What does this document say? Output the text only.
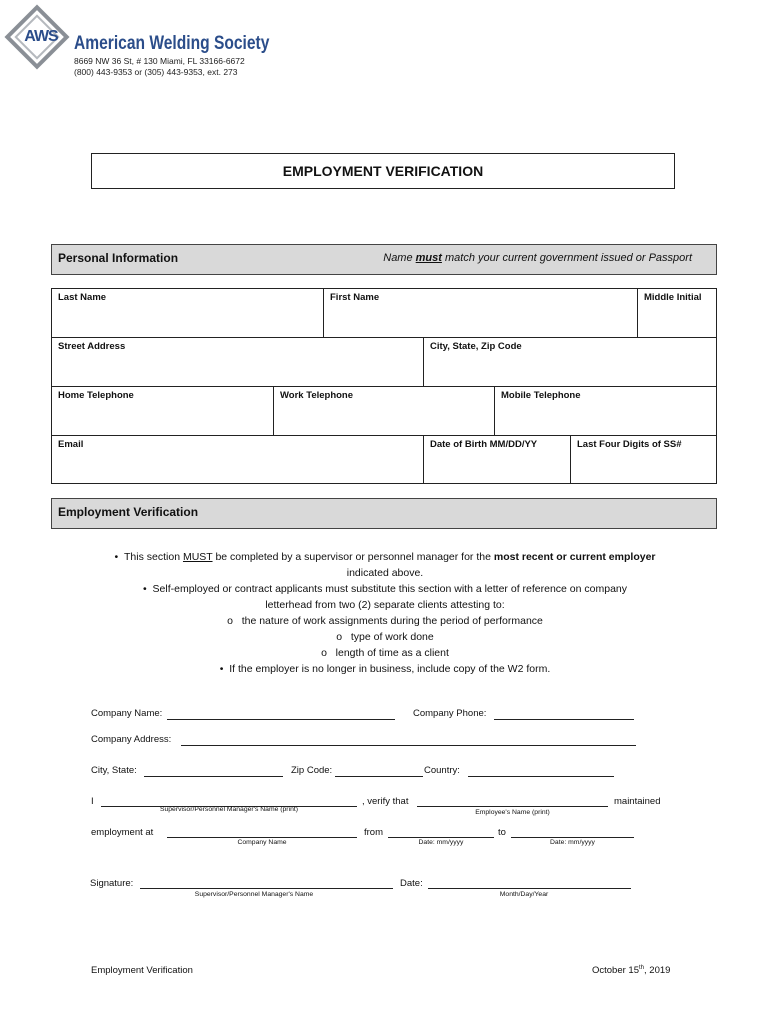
AWS American Welding Society
8669 NW 36 St, # 130 Miami, FL 33166-6672
(800) 443-9353 or (305) 443-9353, ext. 273
EMPLOYMENT VERIFICATION
Personal Information	Name must match your current government issued or Passport
Last Name	First Name	Middle Initial
Street Address	City, State, Zip Code
Home Telephone	Work Telephone	Mobile Telephone
Email	Date of Birth MM/DD/YY	Last Four Digits of SS#
Employment Verification
•  This section MUST be completed by a supervisor or personnel manager for the most recent or current employer
indicated above.
•  Self-employed or contract applicants must substitute this section with a letter of reference on company
letterhead from two (2) separate clients attesting to:
o   the nature of work assignments during the period of performance
o   type of work done
o   length of time as a client
•  If the employer is no longer in business, include copy of the W2 form.
Company Name:	Company Phone:
Company Address:
City, State:	Zip Code:	Country:
I
Supervisor/Personnel Manager's Name (print)
, verify that
Employee's Name (print)
maintained
employment at
Company Name
from
Date: mm/yyyy
to
Date: mm/yyyy
Signature:
Supervisor/Personnel Manager's Name
Date:
Month/Day/Year
Employment Verification	October 15th, 2019
